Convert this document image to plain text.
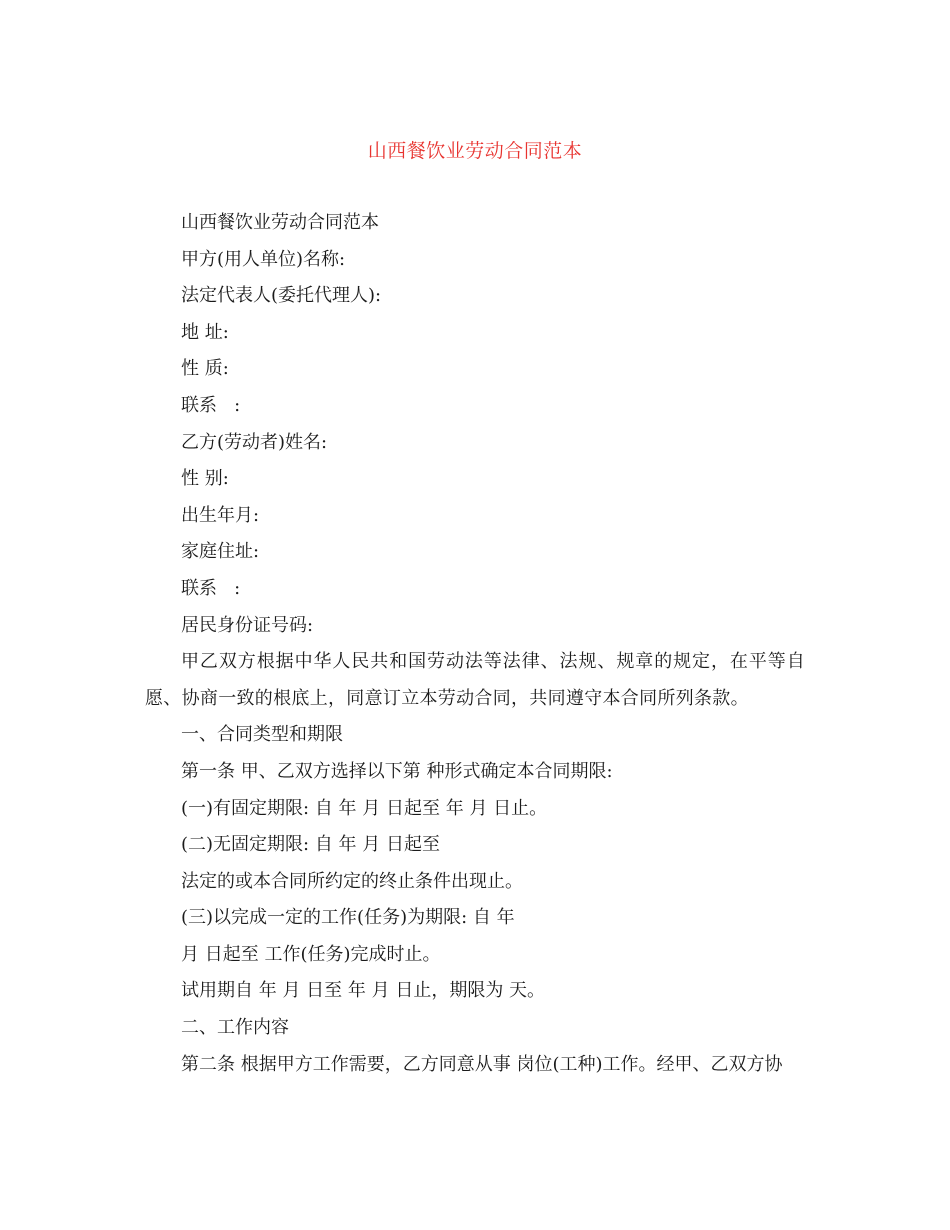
山西餐饮业劳动合同范本

山西餐饮业劳动合同范本

甲方(用人单位)名称:

法定代表人(委托代理人):

地 址:

性 质:

联系   :

乙方(劳动者)姓名:

性 别:

出生年月:

家庭住址:

联系   :

居民身份证号码:

甲乙双方根据中华人民共和国劳动法等法律、法规、规章的规定，在平等自愿、协商一致的根底上，同意订立本劳动合同，共同遵守本合同所列条款。

一、合同类型和期限

第一条 甲、乙双方选择以下第 种形式确定本合同期限:

(一)有固定期限: 自 年 月 日起至 年 月 日止。

(二)无固定期限: 自 年 月 日起至

法定的或本合同所约定的终止条件出现止。

(三)以完成一定的工作(任务)为期限: 自 年

月 日起至 工作(任务)完成时止。

试用期自 年 月 日至 年 月 日止，期限为 天。

二、工作内容

第二条 根据甲方工作需要，乙方同意从事 岗位(工种)工作。经甲、乙双方协
